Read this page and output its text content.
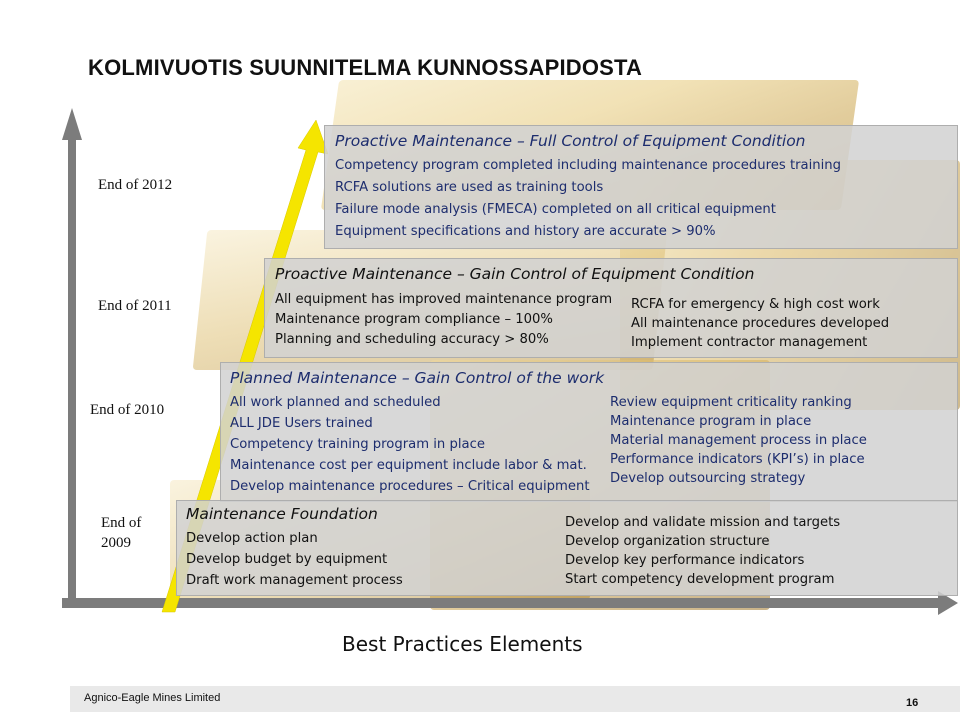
KOLMIVUOTIS SUUNNITELMA KUNNOSSAPIDOSTA
End of 2012
End of 2011
End of 2010
End of
2009
Proactive Maintenance – Full Control of Equipment Condition
Competency program completed including maintenance procedures training
RCFA solutions are used as training tools
Failure mode analysis (FMECA) completed on all critical equipment
Equipment specifications and history are accurate > 90%
Proactive Maintenance – Gain Control of Equipment Condition
All equipment has improved maintenance program
Maintenance program compliance – 100%
Planning and scheduling accuracy > 80%
RCFA for emergency & high cost work
All maintenance procedures developed
Implement contractor management
Planned Maintenance – Gain Control of the work
All work planned and scheduled
ALL JDE Users trained
Competency training program in place
Maintenance cost per equipment include labor & mat.
Develop maintenance procedures – Critical equipment
Review equipment criticality ranking
Maintenance program in place
Material management process in place
Performance indicators (KPI’s) in place
Develop outsourcing strategy
Maintenance Foundation
Develop action plan
Develop budget by equipment
Draft work management process
Develop and validate mission and targets
Develop organization structure
Develop key performance indicators
Start competency development program
Best Practices Elements
Agnico-Eagle Mines Limited	16
